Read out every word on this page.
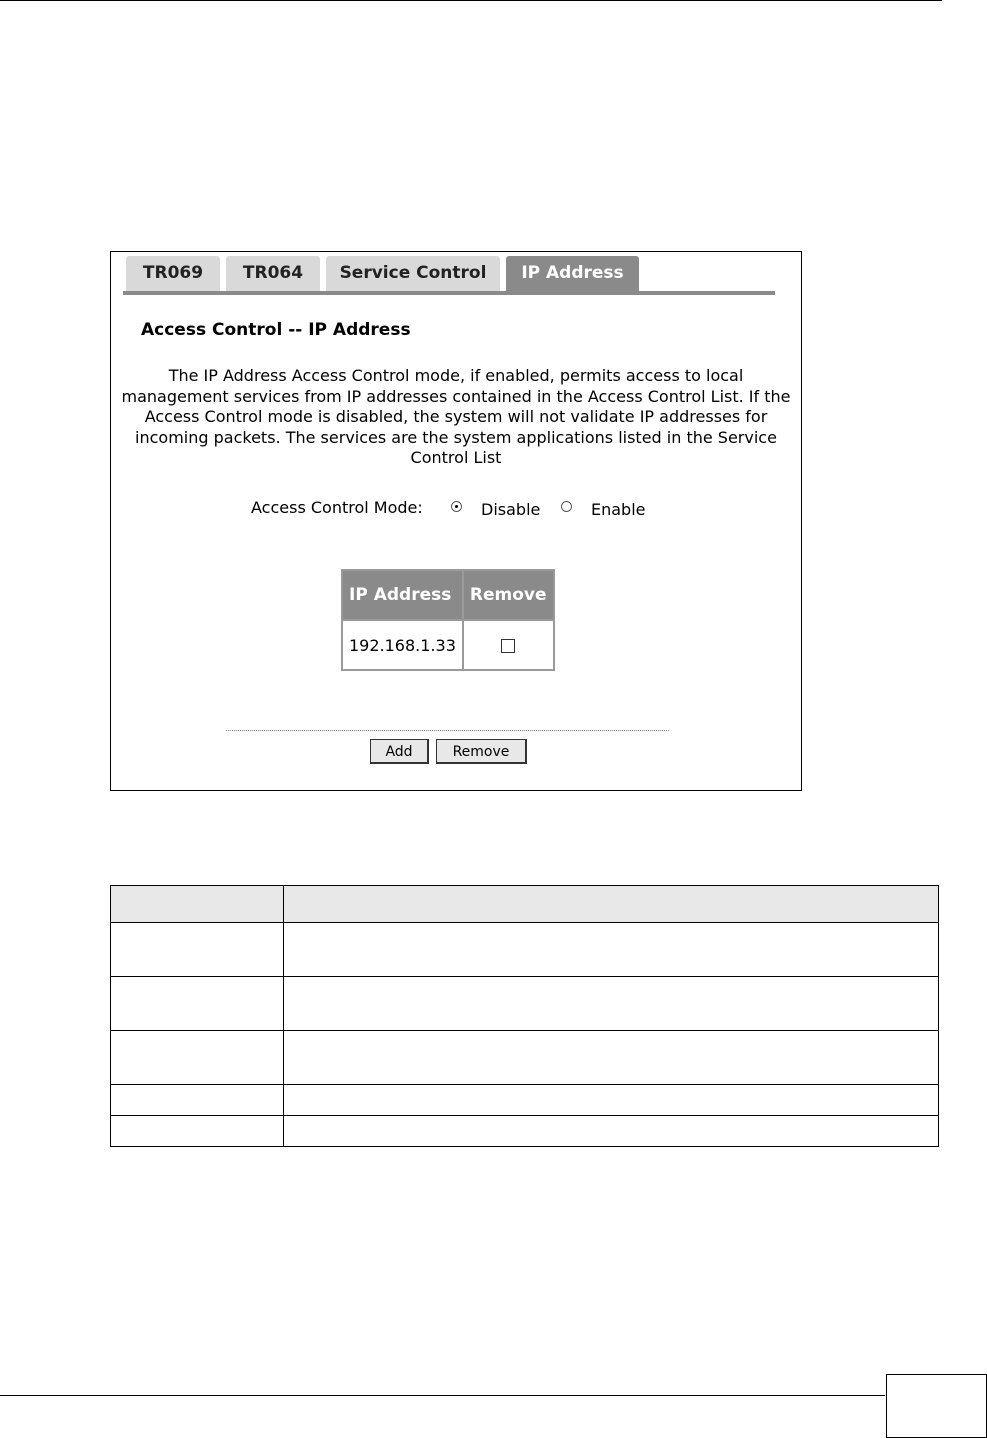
TR069	TR064	Service Control	IP Address
Access Control -- IP Address
The IP Address Access Control mode, if enabled, permits access to local management services from IP addresses contained in the Access Control List. If the Access Control mode is disabled, the system will not validate IP addresses for incoming packets. The services are the system applications listed in the Service Control List
Access Control Mode:	Disable	Enable
IP Address	Remove
192.168.1.33	
Add	Remove
